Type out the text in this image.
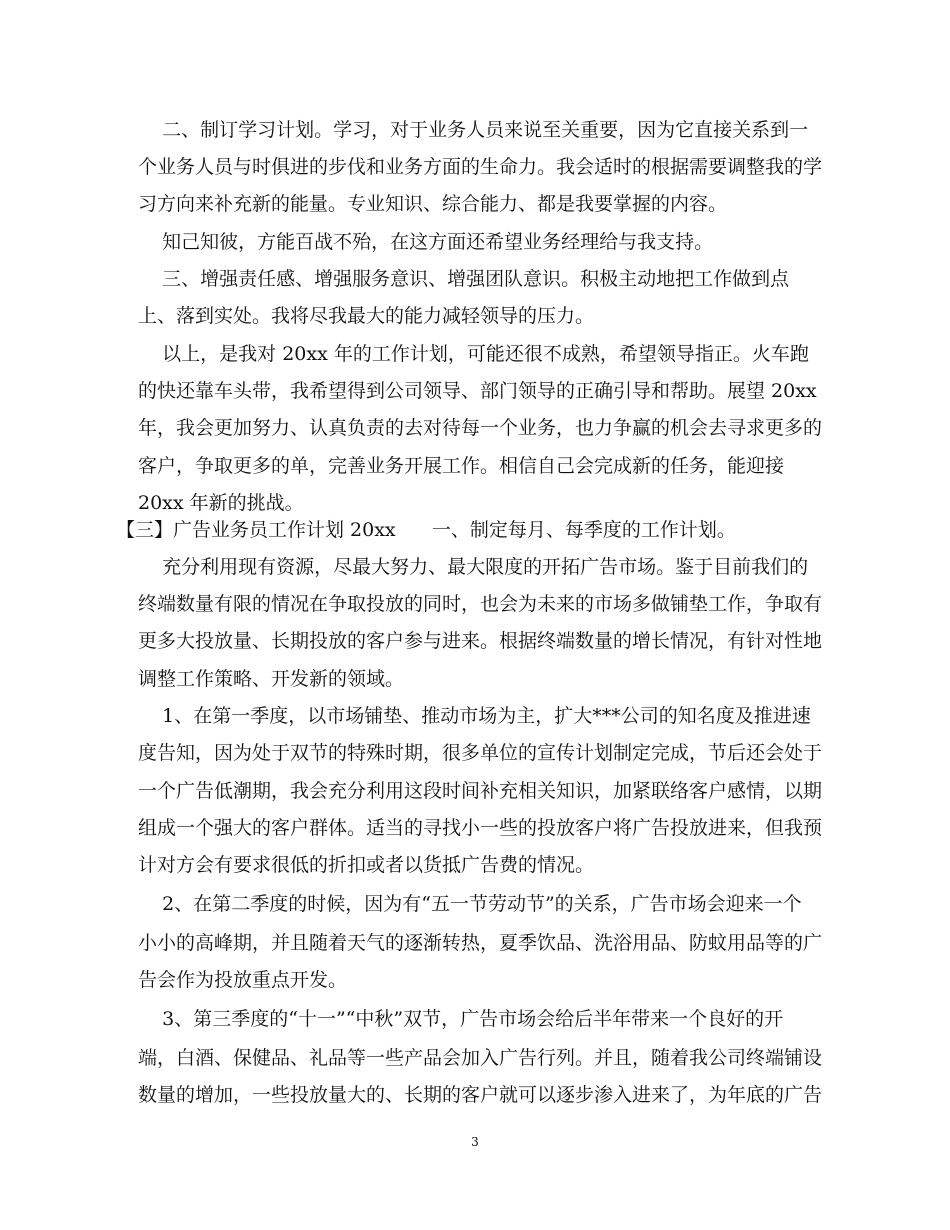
二、制订学习计划。学习，对于业务人员来说至关重要，因为它直接关系到一
个业务人员与时俱进的步伐和业务方面的生命力。我会适时的根据需要调整我的学
习方向来补充新的能量。专业知识、综合能力、都是我要掌握的内容。
知己知彼，方能百战不殆，在这方面还希望业务经理给与我支持。
三、增强责任感、增强服务意识、增强团队意识。积极主动地把工作做到点
上、落到实处。我将尽我最大的能力减轻领导的压力。
以上，是我对 20xx 年的工作计划，可能还很不成熟，希望领导指正。火车跑
的快还靠车头带，我希望得到公司领导、部门领导的正确引导和帮助。展望 20xx
年，我会更加努力、认真负责的去对待每一个业务，也力争赢的机会去寻求更多的
客户，争取更多的单，完善业务开展工作。相信自己会完成新的任务，能迎接
20xx 年新的挑战。
【三】广告业务员工作计划 20xx      一、制定每月、每季度的工作计划。
充分利用现有资源，尽最大努力、最大限度的开拓广告市场。鉴于目前我们的
终端数量有限的情况在争取投放的同时，也会为未来的市场多做铺垫工作，争取有
更多大投放量、长期投放的客户参与进来。根据终端数量的增长情况，有针对性地
调整工作策略、开发新的领域。
1、在第一季度，以市场铺垫、推动市场为主，扩大***公司的知名度及推进速
度告知，因为处于双节的特殊时期，很多单位的宣传计划制定完成，节后还会处于
一个广告低潮期，我会充分利用这段时间补充相关知识，加紧联络客户感情，以期
组成一个强大的客户群体。适当的寻找小一些的投放客户将广告投放进来，但我预
计对方会有要求很低的折扣或者以货抵广告费的情况。
2、在第二季度的时候，因为有“五一节劳动节”的关系，广告市场会迎来一个
小小的高峰期，并且随着天气的逐渐转热，夏季饮品、洗浴用品、防蚊用品等的广
告会作为投放重点开发。
3、第三季度的“十一”“中秋”双节，广告市场会给后半年带来一个良好的开
端，白酒、保健品、礼品等一些产品会加入广告行列。并且，随着我公司终端铺设
数量的增加，一些投放量大的、长期的客户就可以逐步渗入进来了，为年底的广告
3
